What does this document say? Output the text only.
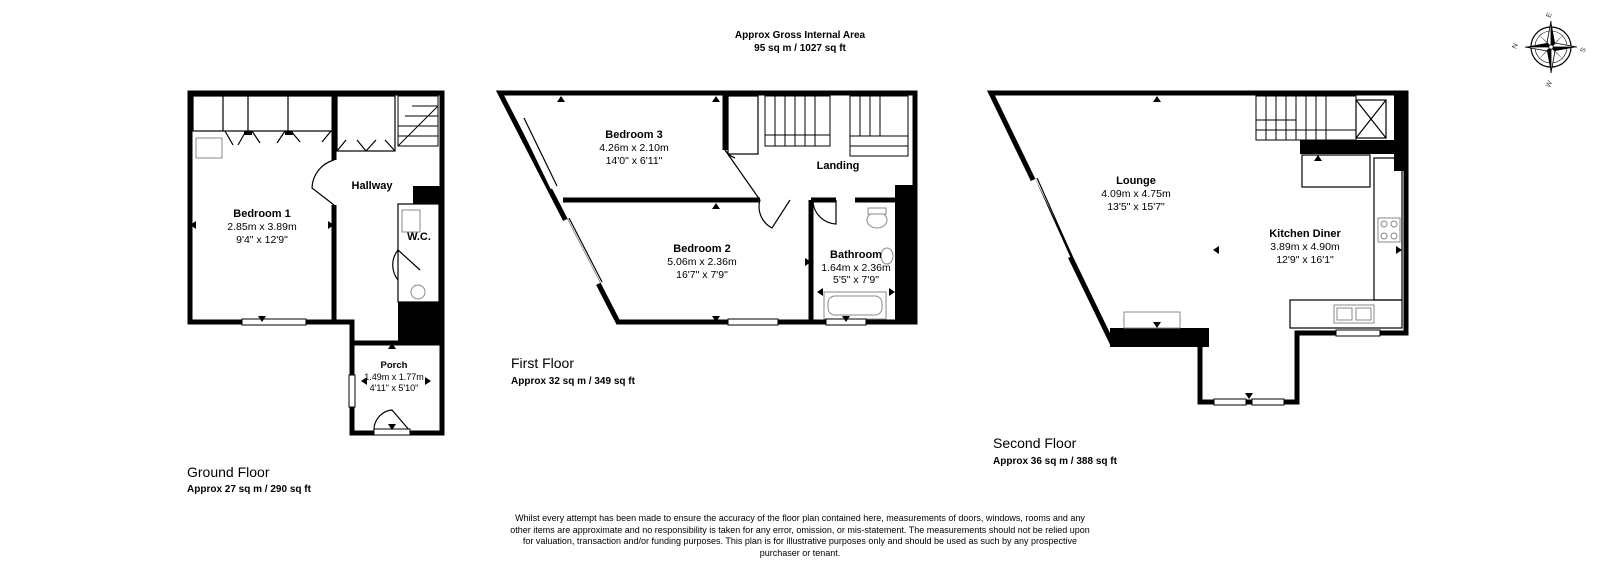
Approx Gross Internal Area
95 sq m / 1027 sq ft	N
E
S
W
Bedroom 1
2.85m x 3.89m
9'4" x 12'9"
Hallway
W.C.
Porch
1.49m x 1.77m
4'11" x 5'10"
Ground Floor
Approx 27 sq m / 290 sq ft
Bedroom 3
4.26m x 2.10m
14'0" x 6'11"	Landing
Bedroom 2
5.06m x 2.36m
16'7" x 7'9"
Bathroom
1.64m x 2.36m
5'5" x 7'9"
First Floor
Approx 32 sq m / 349 sq ft
Lounge
4.09m x 4.75m
13'5" x 15'7"
Kitchen Diner
3.89m x 4.90m
12'9" x 16'1"
Second Floor
Approx 36 sq m / 388 sq ft
Whilst every attempt has been made to ensure the accuracy of the floor plan contained here, measurements of doors, windows, rooms and any other items are approximate and no responsibility is taken for any error, omission, or mis-statement. The measurements should not be relied upon for valuation, transaction and/or funding purposes. This plan is for illustrative purposes only and should be used as such by any prospective purchaser or tenant.
